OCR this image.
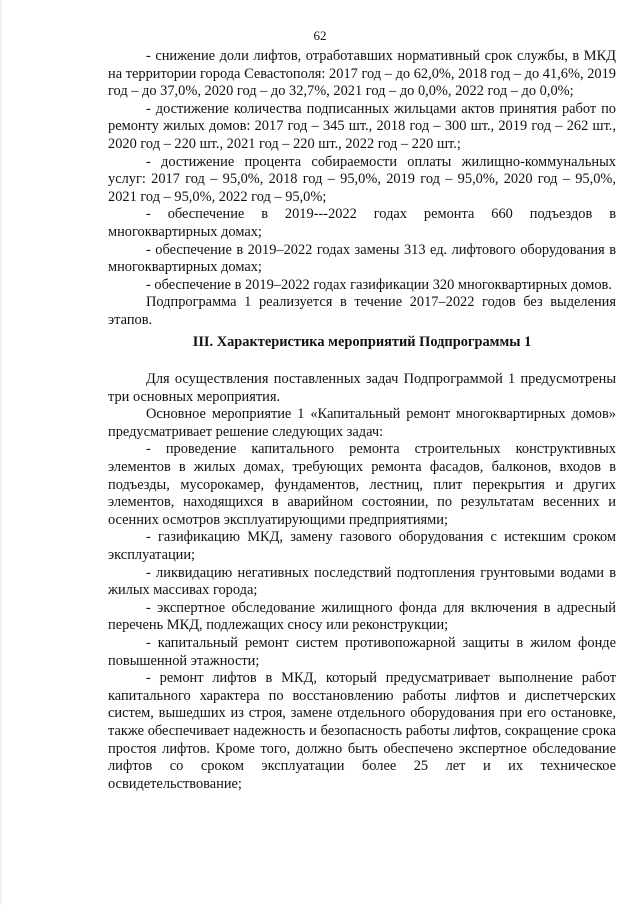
62

- снижение доли лифтов, отработавших нормативный срок службы, в МКД на территории города Севастополя: 2017 год – до 62,0%, 2018 год – до 41,6%, 2019 год – до 37,0%, 2020 год – до 32,7%, 2021 год – до 0,0%, 2022 год – до 0,0%;

- достижение количества подписанных жильцами актов принятия работ по ремонту жилых домов: 2017 год – 345 шт., 2018 год – 300 шт., 2019 год – 262 шт., 2020 год – 220 шт., 2021 год – 220 шт., 2022 год – 220 шт.;

- достижение процента собираемости оплаты жилищно-коммунальных услуг: 2017 год – 95,0%, 2018 год – 95,0%, 2019 год – 95,0%, 2020 год – 95,0%, 2021 год – 95,0%, 2022 год – 95,0%;

- обеспечение в 2019---2022 годах ремонта 660 подъездов в многоквартирных домах;

- обеспечение в 2019–2022 годах замены 313 ед. лифтового оборудования в многоквартирных домах;

- обеспечение в 2019–2022 годах газификации 320 многоквартирных домов.

Подпрограмма 1 реализуется в течение 2017–2022 годов без выделения этапов.

III. Характеристика мероприятий Подпрограммы 1

Для осуществления поставленных задач Подпрограммой 1 предусмотрены три основных мероприятия.

Основное мероприятие 1 «Капитальный ремонт многоквартирных домов» предусматривает решение следующих задач:

- проведение капитального ремонта строительных конструктивных элементов в жилых домах, требующих ремонта фасадов, балконов, входов в подъезды, мусорокамер, фундаментов, лестниц, плит перекрытия и других элементов, находящихся в аварийном состоянии, по результатам весенних и осенних осмотров эксплуатирующими предприятиями;

- газификацию МКД, замену газового оборудования с истекшим сроком эксплуатации;

- ликвидацию негативных последствий подтопления грунтовыми водами в жилых массивах города;

- экспертное обследование жилищного фонда для включения в адресный перечень МКД, подлежащих сносу или реконструкции;

- капитальный ремонт систем противопожарной защиты в жилом фонде повышенной этажности;

- ремонт лифтов в МКД, который предусматривает выполнение работ капитального характера по восстановлению работы лифтов и диспетчерских систем, вышедших из строя, замене отдельного оборудования при его остановке, также обеспечивает надежность и безопасность работы лифтов, сокращение срока простоя лифтов. Кроме того, должно быть обеспечено экспертное обследование лифтов со сроком эксплуатации более 25 лет и их техническое освидетельствование;
